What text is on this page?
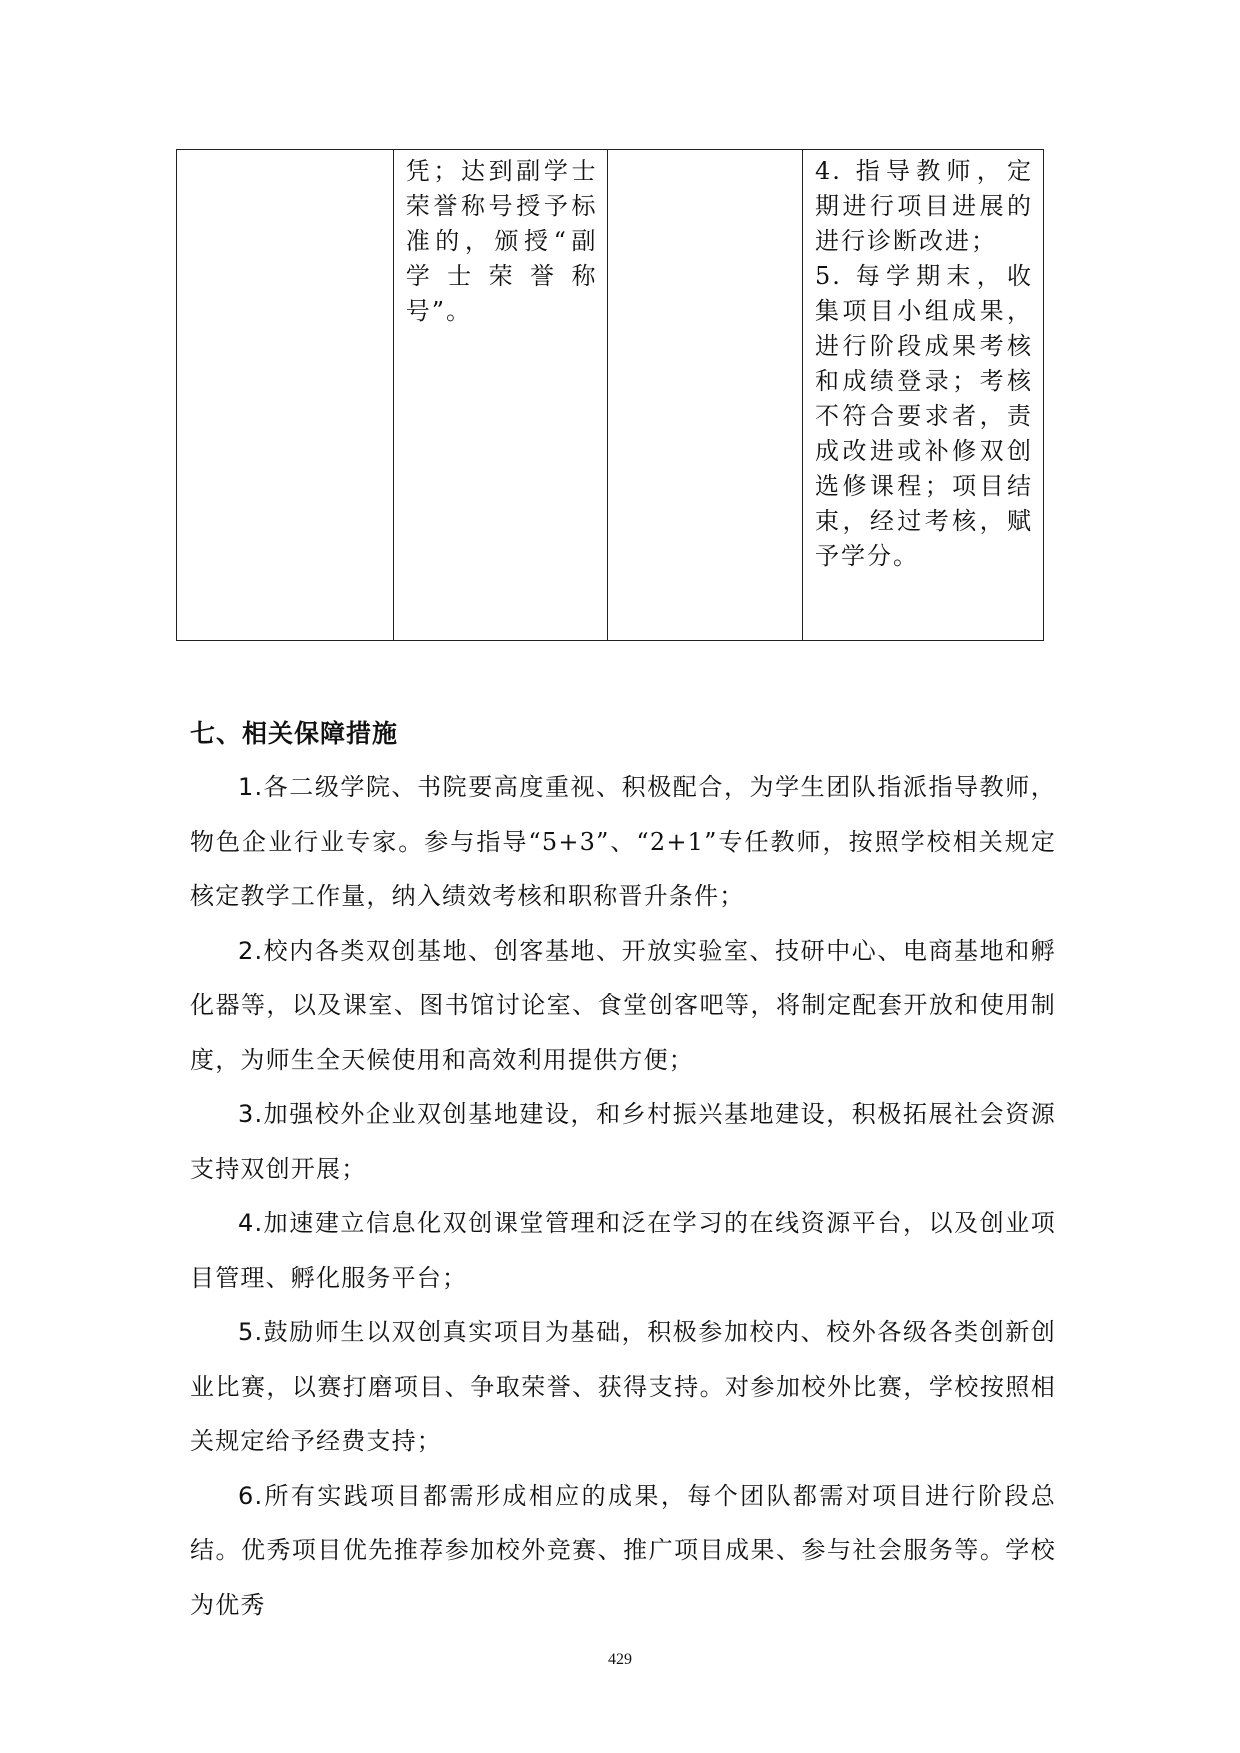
	凭；达到副学士荣誉称号授予标准的，颁授“副学士荣誉称号”。		4. 指导教师，定期进行项目进展的进行诊断改进；
5. 每学期末，收集项目小组成果，进行阶段成果考核和成绩登录；考核不符合要求者，责成改进或补修双创选修课程；项目结束，经过考核，赋予学分。
七、相关保障措施

1.各二级学院、书院要高度重视、积极配合，为学生团队指派指导教师，物色企业行业专家。参与指导“5+3”、“2+1”专任教师，按照学校相关规定核定教学工作量，纳入绩效考核和职称晋升条件；

2.校内各类双创基地、创客基地、开放实验室、技研中心、电商基地和孵化器等，以及课室、图书馆讨论室、食堂创客吧等，将制定配套开放和使用制度，为师生全天候使用和高效利用提供方便；

3.加强校外企业双创基地建设，和乡村振兴基地建设，积极拓展社会资源支持双创开展；

4.加速建立信息化双创课堂管理和泛在学习的在线资源平台，以及创业项目管理、孵化服务平台；

5.鼓励师生以双创真实项目为基础，积极参加校内、校外各级各类创新创业比赛，以赛打磨项目、争取荣誉、获得支持。对参加校外比赛，学校按照相关规定给予经费支持；

6.所有实践项目都需形成相应的成果，每个团队都需对项目进行阶段总结。优秀项目优先推荐参加校外竞赛、推广项目成果、参与社会服务等。学校为优秀

429
